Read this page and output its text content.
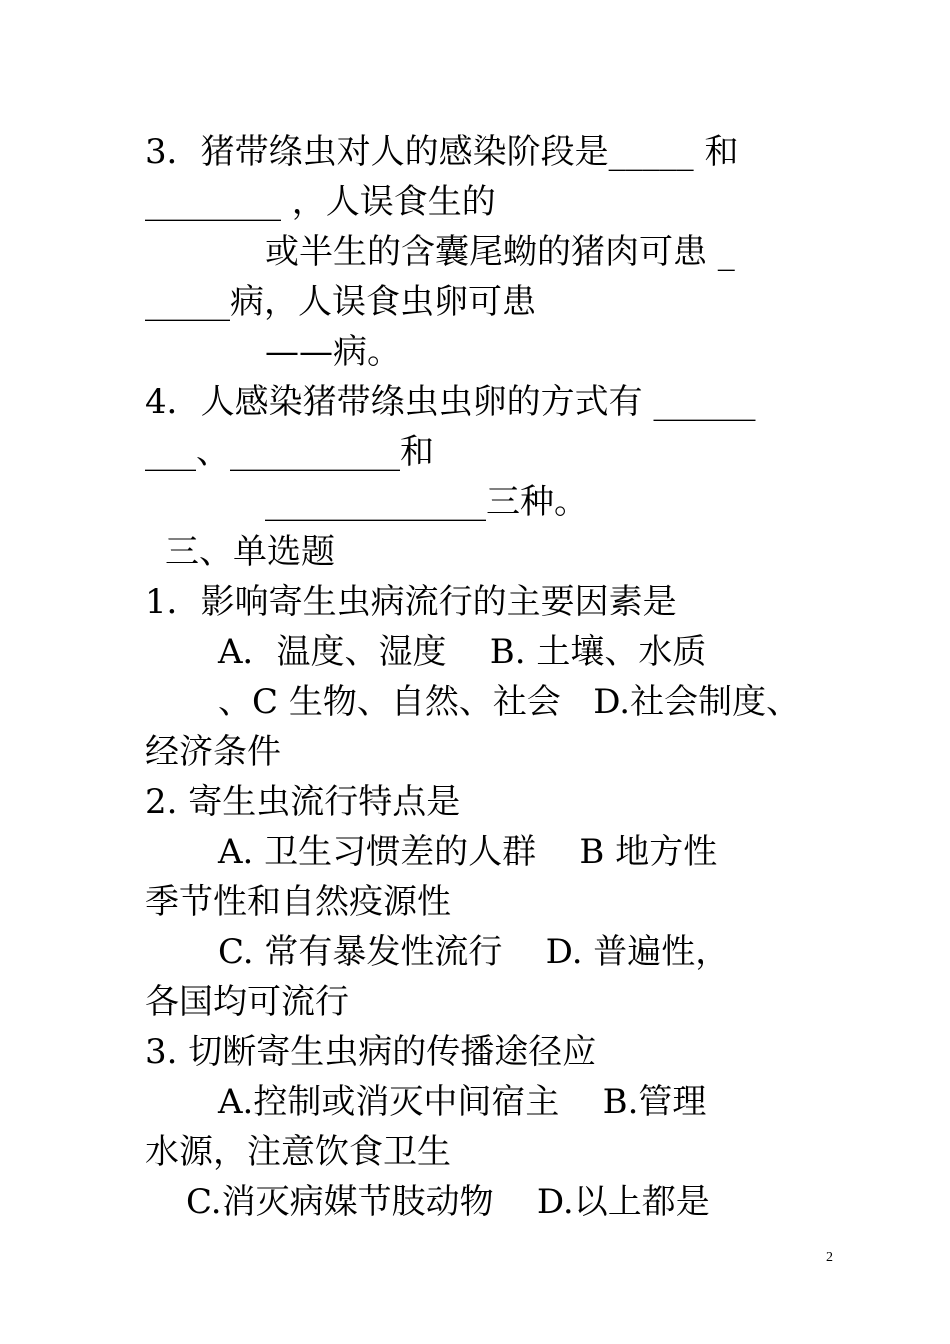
3．猪带绦虫对人的感染阶段是_____ 和

________ ，人误食生的

或半生的含囊尾蚴的猪肉可患 _

_____病，人误食虫卵可患

——病。

4．人感染猪带绦虫虫卵的方式有 ______

___、__________和

_____________三种。

三、单选题

1．影响寄生虫病流行的主要因素是

A．温度、湿度    B. 土壤、水质

、C 生物、自然、社会   D.社会制度、

经济条件

2. 寄生虫流行特点是

A. 卫生习惯差的人群    B 地方性

季节性和自然疫源性

C. 常有暴发性流行    D. 普遍性，

各国均可流行

3. 切断寄生虫病的传播途径应

A.控制或消灭中间宿主    B.管理

水源，注意饮食卫生

C.消灭病媒节肢动物    D.以上都是

2
